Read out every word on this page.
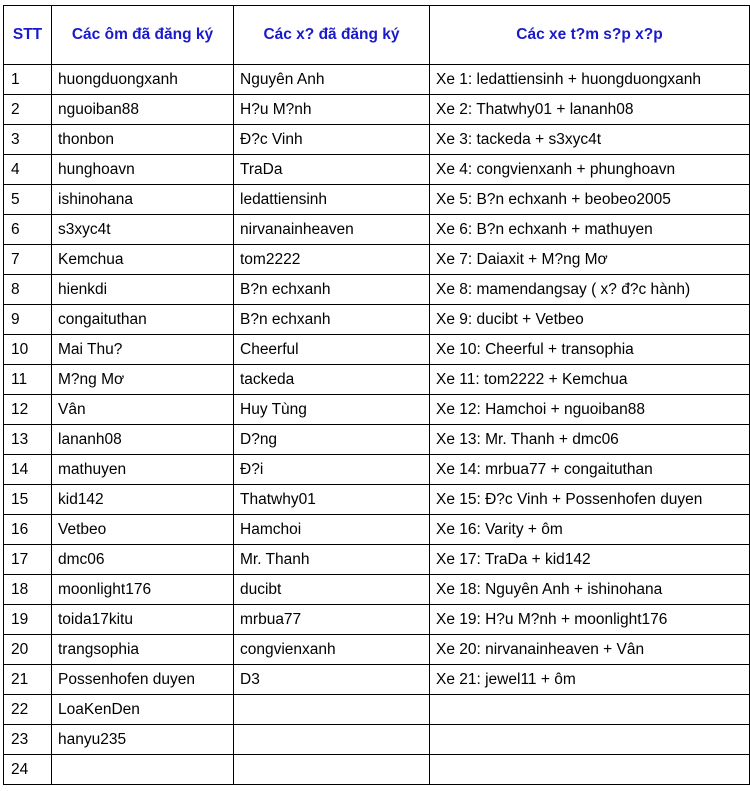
STT	Các ôm đã đăng ký	Các x? đã đăng ký	Các xe t?m s?p x?p
1	huongduongxanh	Nguyên Anh	Xe 1: ledattiensinh + huongduongxanh
2	nguoiban88	H?u M?nh	Xe 2: Thatwhy01 + lananh08
3	thonbon	Đ?c Vinh	Xe 3: tackeda + s3xyc4t
4	hunghoavn	TraDa	Xe 4: congvienxanh + phunghoavn
5	ishinohana	ledattiensinh	Xe 5: B?n echxanh + beobeo2005
6	s3xyc4t	nirvanainheaven	Xe 6: B?n echxanh + mathuyen
7	Kemchua	tom2222	Xe 7: Daiaxit + M?ng Mơ
8	hienkdi	B?n echxanh	Xe 8: mamendangsay ( x? đ?c hành)
9	congaituthan	B?n echxanh	Xe 9: ducibt + Vetbeo
10	Mai Thu?	Cheerful	Xe 10: Cheerful + transophia
11	M?ng Mơ	tackeda	Xe 11: tom2222 + Kemchua
12	Vân	Huy Tùng	Xe 12: Hamchoi + nguoiban88
13	lananh08	D?ng	Xe 13: Mr. Thanh + dmc06
14	mathuyen	Đ?i	Xe 14: mrbua77 + congaituthan
15	kid142	Thatwhy01	Xe 15: Đ?c Vinh + Possenhofen duyen
16	Vetbeo	Hamchoi	Xe 16: Varity + ôm
17	dmc06	Mr. Thanh	Xe 17: TraDa + kid142
18	moonlight176	ducibt	Xe 18: Nguyên Anh + ishinohana
19	toida17kitu	mrbua77	Xe 19: H?u M?nh + moonlight176
20	trangsophia	congvienxanh	Xe 20: nirvanainheaven + Vân
21	Possenhofen duyen	D3	Xe 21: jewel11 + ôm
22	LoaKenDen		
23	hanyu235		
24			
